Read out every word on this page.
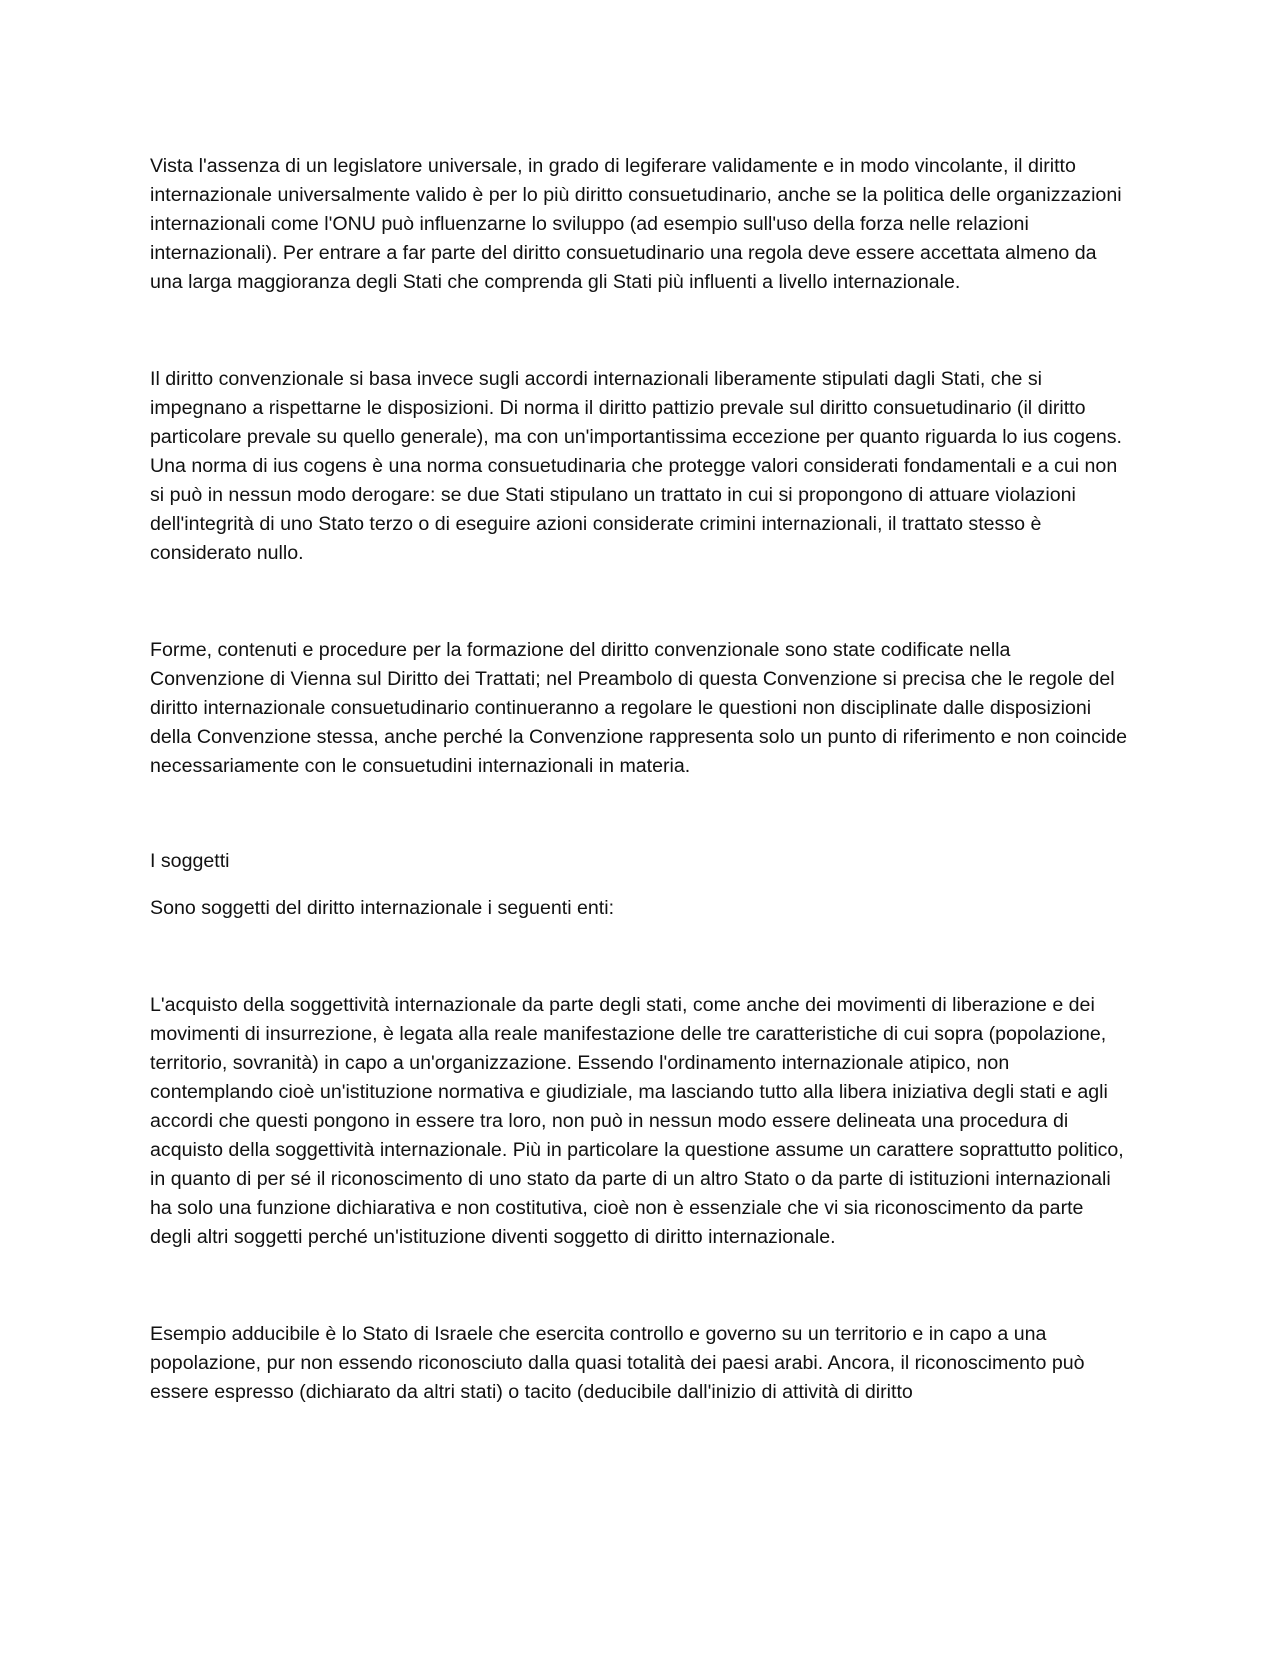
Vista l'assenza di un legislatore universale, in grado di legiferare validamente e in modo vincolante, il diritto internazionale universalmente valido è per lo più diritto consuetudinario, anche se la politica delle organizzazioni internazionali come l'ONU può influenzarne lo sviluppo (ad esempio sull'uso della forza nelle relazioni internazionali). Per entrare a far parte del diritto consuetudinario una regola deve essere accettata almeno da una larga maggioranza degli Stati che comprenda gli Stati più influenti a livello internazionale.

Il diritto convenzionale si basa invece sugli accordi internazionali liberamente stipulati dagli Stati, che si impegnano a rispettarne le disposizioni. Di norma il diritto pattizio prevale sul diritto consuetudinario (il diritto particolare prevale su quello generale), ma con un'importantissima eccezione per quanto riguarda lo ius cogens. Una norma di ius cogens è una norma consuetudinaria che protegge valori considerati fondamentali e a cui non si può in nessun modo derogare: se due Stati stipulano un trattato in cui si propongono di attuare violazioni dell'integrità di uno Stato terzo o di eseguire azioni considerate crimini internazionali, il trattato stesso è considerato nullo.

Forme, contenuti e procedure per la formazione del diritto convenzionale sono state codificate nella Convenzione di Vienna sul Diritto dei Trattati; nel Preambolo di questa Convenzione si precisa che le regole del diritto internazionale consuetudinario continueranno a regolare le questioni non disciplinate dalle disposizioni della Convenzione stessa, anche perché la Convenzione rappresenta solo un punto di riferimento e non coincide necessariamente con le consuetudini internazionali in materia.

I soggetti

Sono soggetti del diritto internazionale i seguenti enti:

L'acquisto della soggettività internazionale da parte degli stati, come anche dei movimenti di liberazione e dei movimenti di insurrezione, è legata alla reale manifestazione delle tre caratteristiche di cui sopra (popolazione, territorio, sovranità) in capo a un'organizzazione. Essendo l'ordinamento internazionale atipico, non contemplando cioè un'istituzione normativa e giudiziale, ma lasciando tutto alla libera iniziativa degli stati e agli accordi che questi pongono in essere tra loro, non può in nessun modo essere delineata una procedura di acquisto della soggettività internazionale. Più in particolare la questione assume un carattere soprattutto politico, in quanto di per sé il riconoscimento di uno stato da parte di un altro Stato o da parte di istituzioni internazionali ha solo una funzione dichiarativa e non costitutiva, cioè non è essenziale che vi sia riconoscimento da parte degli altri soggetti perché un'istituzione diventi soggetto di diritto internazionale.

Esempio adducibile è lo Stato di Israele che esercita controllo e governo su un territorio e in capo a una popolazione, pur non essendo riconosciuto dalla quasi totalità dei paesi arabi. Ancora, il riconoscimento può essere espresso (dichiarato da altri stati) o tacito (deducibile dall'inizio di attività di diritto
